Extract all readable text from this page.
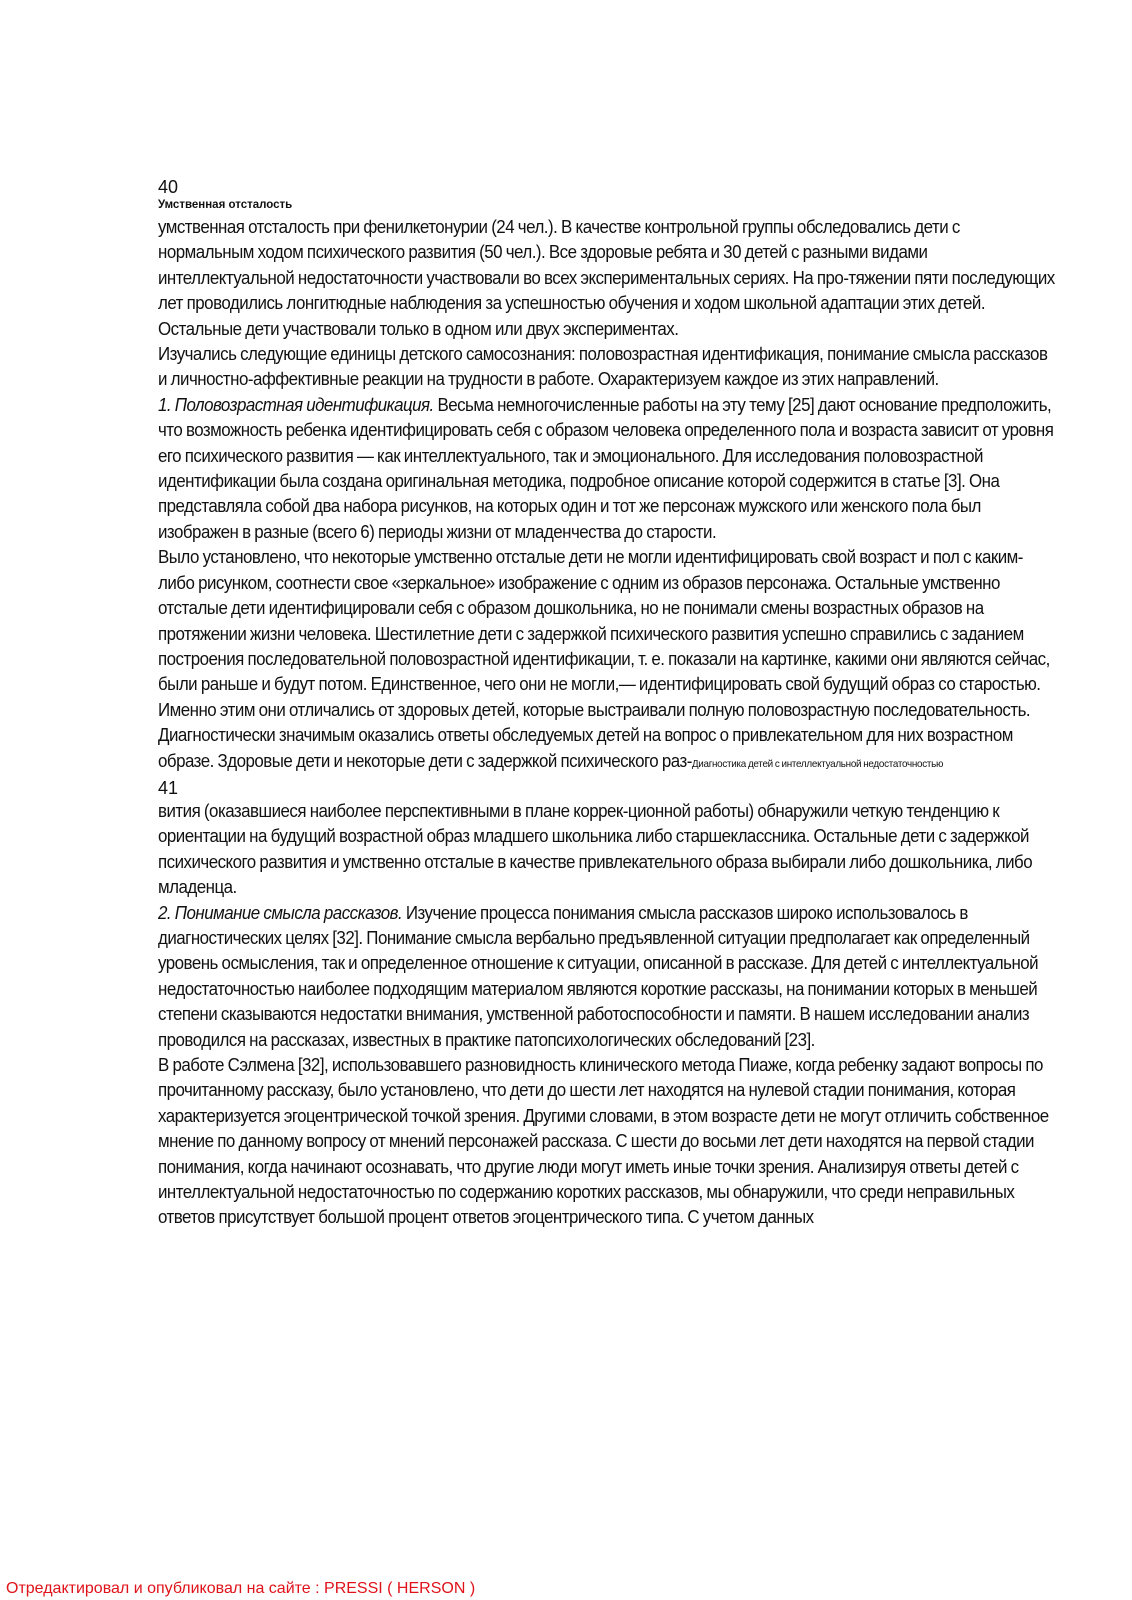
40

Умственная отсталость

умственная отсталость при фенилкетонурии (24 чел.). В качестве контрольной группы обследовались дети с нормальным ходом психического развития (50 чел.). Все здоровые ребята и 30 детей с разными видами интеллектуальной недостаточности участвовали во всех экспериментальных сериях. На про-тяжении пяти последующих лет проводились лонгитюдные наблюдения за успешностью обучения и ходом школьной адаптации этих детей. Остальные дети участвовали только в одном или двух экспериментах.

Изучались следующие единицы детского самосознания: половозрастная идентификация, понимание смысла рассказов и личностно-аффективные реакции на трудности в работе. Охарактеризуем каждое из этих направлений.

1. Половозрастная идентификация. Весьма немногочисленные работы на эту тему [25] дают основание предположить, что возможность ребенка идентифицировать себя с образом человека определенного пола и возраста зависит от уровня его психического развития — как интеллектуального, так и эмоционального. Для исследования половозрастной идентификации была создана оригинальная методика, подробное описание которой содержится в статье [3]. Она представляла собой два набора рисунков, на которых один и тот же персонаж мужского или женского пола был изображен в разные (всего 6) периоды жизни от младенчества до старости.

Выло установлено, что некоторые умственно отсталые дети не могли идентифицировать свой возраст и пол с каким-либо рисунком, соотнести свое «зеркальное» изображение с одним из образов персонажа. Остальные умственно отсталые дети идентифицировали себя с образом дошкольника, но не понимали смены возрастных образов на протяжении жизни человека. Шестилетние дети с задержкой психического развития успешно справились с заданием построения последовательной половозрастной идентификации, т. е. показали на картинке, какими они являются сейчас, были раньше и будут потом. Единственное, чего они не могли,— идентифицировать свой будущий образ со старостью. Именно этим они отличались от здоровых детей, которые выстраивали полную половозрастную последовательность.

Диагностически значимым оказались ответы обследуемых детей на вопрос о привлекательном для них возрастном образе. Здоровые дети и некоторые дети с задержкой психического раз-Диагностика детей с интеллектуальной недостаточностью

41

вития (оказавшиеся наиболее перспективными в плане коррек-ционной работы) обнаружили четкую тенденцию к ориентации на будущий возрастной образ младшего школьника либо старшеклассника. Остальные дети с задержкой психического развития и умственно отсталые в качестве привлекательного образа выбирали либо дошкольника, либо младенца.

2. Понимание смысла рассказов. Изучение процесса понимания смысла рассказов широко использовалось в диагностических целях [32]. Понимание смысла вербально предъявленной ситуации предполагает как определенный уровень осмысления, так и определенное отношение к ситуации, описанной в рассказе. Для детей с интеллектуальной недостаточностью наиболее подходящим материалом являются короткие рассказы, на понимании которых в меньшей степени сказываются недостатки внимания, умственной работоспособности и памяти. В нашем исследовании анализ проводился на рассказах, известных в практике патопсихологических обследований [23].

В работе Сэлмена [32], использовавшего разновидность клинического метода Пиаже, когда ребенку задают вопросы по прочитанному рассказу, было установлено, что дети до шести лет находятся на нулевой стадии понимания, которая характеризуется эгоцентрической точкой зрения. Другими словами, в этом возрасте дети не могут отличить собственное мнение по данному вопросу от мнений персонажей рассказа. С шести до восьми лет дети находятся на первой стадии понимания, когда начинают осознавать, что другие люди могут иметь иные точки зрения. Анализируя ответы детей с интеллектуальной недостаточностью по содержанию коротких рассказов, мы обнаружили, что среди неправильных ответов присутствует большой процент ответов эгоцентрического типа. С учетом данных

Отредактировал и опубликовал на сайте : PRESSI ( HERSON )
